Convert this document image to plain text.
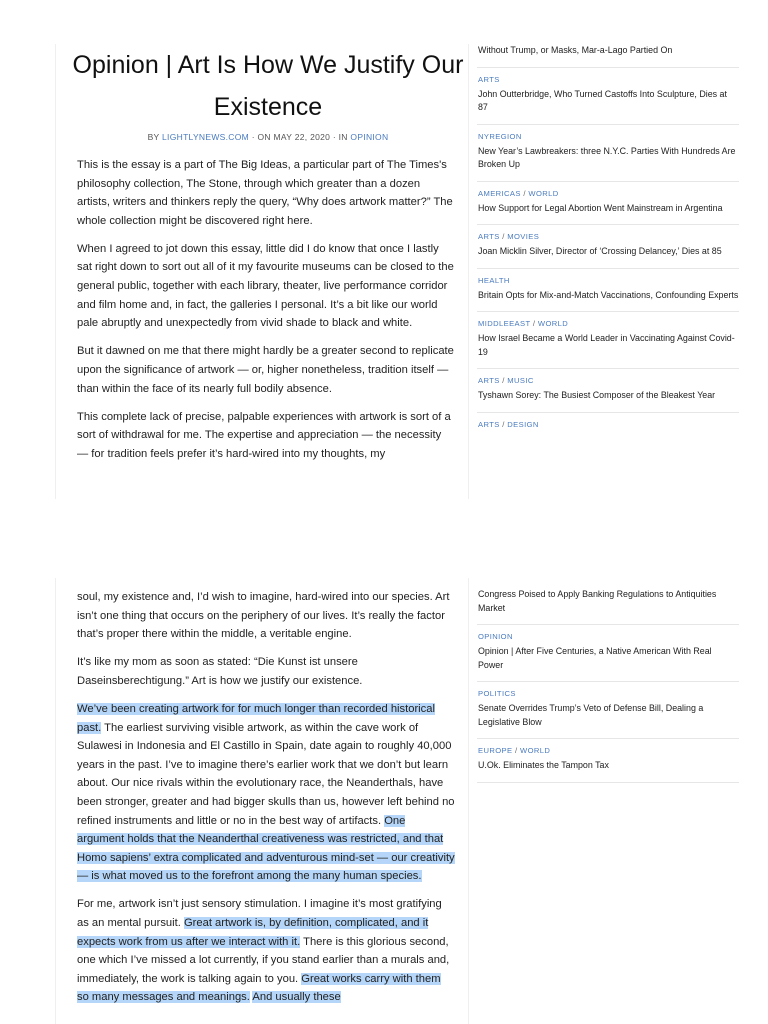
Opinion | Art Is How We Justify Our Existence
BY LIGHTLYNEWS.COM · ON MAY 22, 2020 · IN OPINION

This is the essay is a part of The Big Ideas, a particular part of The Times's philosophy collection, The Stone, through which greater than a dozen artists, writers and thinkers reply the query, “Why does artwork matter?” The whole collection might be discovered right here.

When I agreed to jot down this essay, little did I do know that once I lastly sat right down to sort out all of it my favourite museums can be closed to the general public, together with each library, theater, live performance corridor and film home and, in fact, the galleries I personal. It’s a bit like our world pale abruptly and unexpectedly from vivid shade to black and white.

But it dawned on me that there might hardly be a greater second to replicate upon the significance of artwork — or, higher nonetheless, tradition itself — than within the face of its nearly full bodily absence.

This complete lack of precise, palpable experiences with artwork is sort of a sort of withdrawal for me. The expertise and appreciation — the necessity — for tradition feels prefer it’s hard-wired into my thoughts, my

soul, my existence and, I’d wish to imagine, hard-wired into our species. Art isn’t one thing that occurs on the periphery of our lives. It’s really the factor that’s proper there within the middle, a veritable engine.

It’s like my mom as soon as stated: “Die Kunst ist unsere Daseinsberechtigung.” Art is how we justify our existence.

We’ve been creating artwork for for much longer than recorded historical past. The earliest surviving visible artwork, as within the cave work of Sulawesi in Indonesia and El Castillo in Spain, date again to roughly 40,000 years in the past. I’ve to imagine there’s earlier work that we don’t but learn about. Our nice rivals within the evolutionary race, the Neanderthals, have been stronger, greater and had bigger skulls than us, however left behind no refined instruments and little or no in the best way of artifacts. One argument holds that the Neanderthal creativeness was restricted, and that Homo sapiens’ extra complicated and adventurous mind-set — our creativity — is what moved us to the forefront among the many human species.

For me, artwork isn’t just sensory stimulation. I imagine it’s most gratifying as an mental pursuit. Great artwork is, by definition, complicated, and it expects work from us after we interact with it. There is this glorious second, one which I’ve missed a lot currently, if you stand earlier than a murals and, immediately, the work is talking again to you. Great works carry with them so many messages and meanings. And usually these

Without Trump, or Masks, Mar-a-Lago Partied On
ARTS
John Outterbridge, Who Turned Castoffs Into Sculpture, Dies at 87
NYREGION
New Year’s Lawbreakers: three N.Y.C. Parties With Hundreds Are Broken Up
AMERICAS / WORLD
How Support for Legal Abortion Went Mainstream in Argentina
ARTS / MOVIES
Joan Micklin Silver, Director of ‘Crossing Delancey,’ Dies at 85
HEALTH
Britain Opts for Mix-and-Match Vaccinations, Confounding Experts
MIDDLEEAST / WORLD
How Israel Became a World Leader in Vaccinating Against Covid-19
ARTS / MUSIC
Tyshawn Sorey: The Busiest Composer of the Bleakest Year
ARTS / DESIGN
Congress Poised to Apply Banking Regulations to Antiquities Market
OPINION
Opinion | After Five Centuries, a Native American With Real Power
POLITICS
Senate Overrides Trump’s Veto of Defense Bill, Dealing a Legislative Blow
EUROPE / WORLD
U.Ok. Eliminates the Tampon Tax
